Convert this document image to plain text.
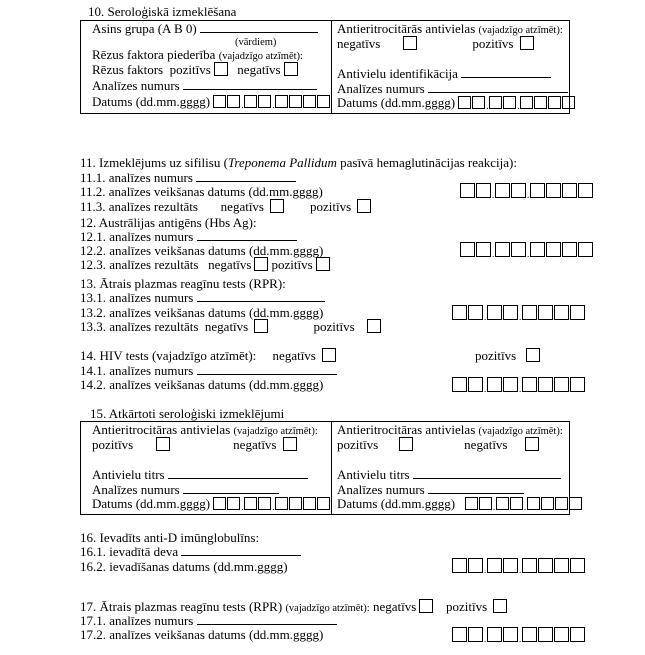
10. Seroloģiskā izmeklēšana
Asins grupa (A B 0)
(vārdiem)
Rēzus faktora piederība (vajadzīgo atzīmēt):
Rēzus faktors pozitīvs negatīvs
Analīzes numurs
Datums (dd.mm.gggg)	.	.
Antieritrocitārās antivielas (vajadzīgo atzīmēt):
negatīvs	pozitīvs
Antivielu identifikācija
Analīzes numurs
Datums (dd.mm.gggg)	.	.
11. Izmeklējums uz sifilisu (Treponema Pallidum pasīvā hemaglutinācijas reakcija):
11.1. analīzes numurs
11.2. analīzes veikšanas datums (dd.mm.gggg)	.	.
11.3. analīzes rezultāts negatīvs	pozitīvs
12. Austrālijas antigēns (Hbs Ag):
12.1. analīzes numurs
12.2. analīzes veikšanas datums (dd.mm.gggg)	.	.
12.3. analīzes rezultāts negatīvs pozitīvs
13. Ātrais plazmas reagīnu tests (RPR):
13.1. analīzes numurs
13.2. analīzes veikšanas datums (dd.mm.gggg)	.	.
13.3. analīzes rezultāts negatīvs	pozitīvs
14. HIV tests (vajadzīgo atzīmēt): negatīvs	pozitīvs
14.1. analīzes numurs
14.2. analīzes veikšanas datums (dd.mm.gggg)	.	.
15. Atkārtoti seroloģiski izmeklējumi
Antieritrocitāras antivielas (vajadzīgo atzīmēt):
pozitīvs	negatīvs
Antivielu titrs
Analīzes numurs
Datums (dd.mm.gggg)	.	.
Antieritrocitāras antivielas (vajadzīgo atzīmēt):
pozitīvs	negatīvs
Antivielu titrs
Analīzes numurs
Datums (dd.mm.gggg)	.	.
16. Ievadīts anti-D imūnglobulīns:
16.1. ievadītā deva
16.2. ievadīšanas datums (dd.mm.gggg)	.	.
17. Ātrais plazmas reagīnu tests (RPR) (vajadzīgo atzīmēt): negatīvs pozitīvs
17.1. analīzes numurs
17.2. analīzes veikšanas datums (dd.mm.gggg)	.	.
